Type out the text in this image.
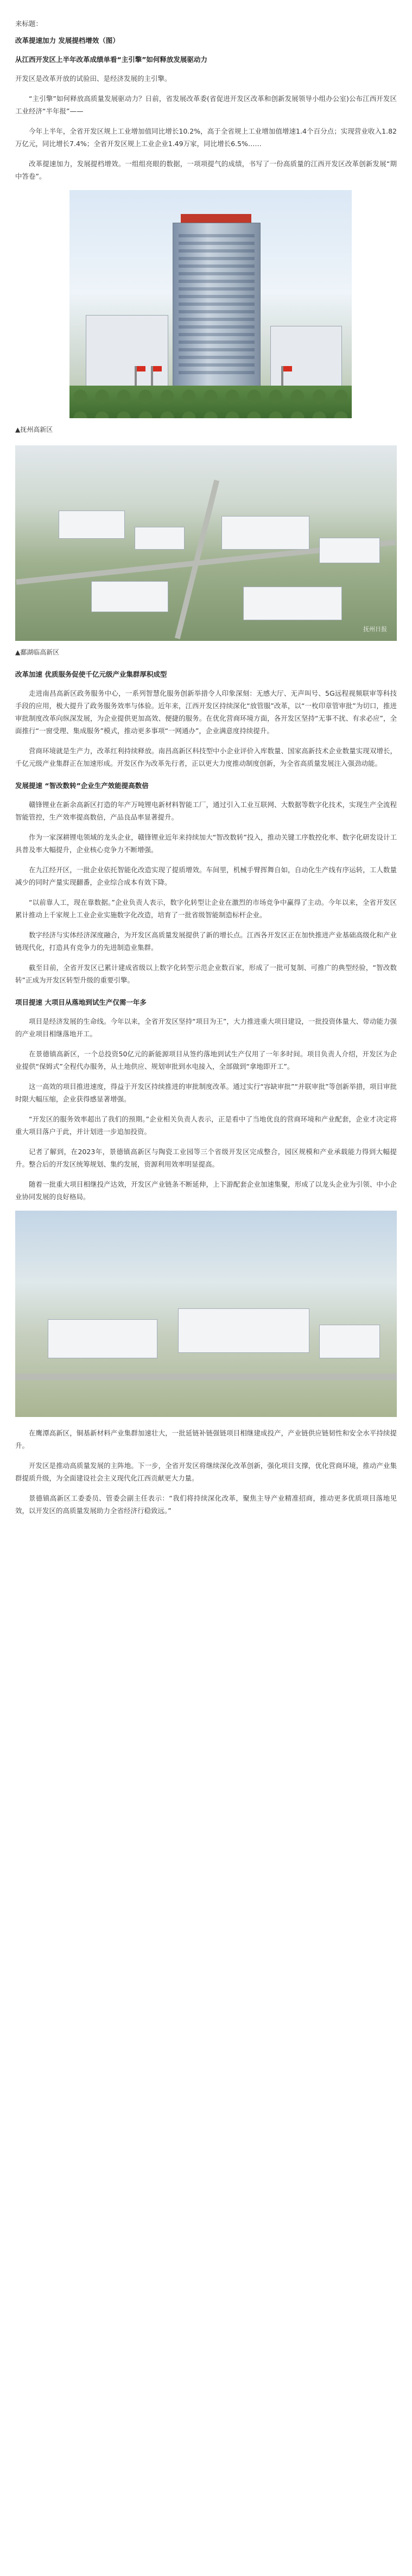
来标题：

改革提速加力 发展提档增效（图）

从江西开发区上半年改革成绩单看“主引擎”如何释放发展驱动力

开发区是改革开放的试验田、是经济发展的主引擎。

“主引擎”如何释放高质量发展驱动力？日前，省发展改革委(省促进开发区改革和创新发展领导小组办公室)公布江西开发区工业经济“半年报”——

今年上半年，全省开发区规上工业增加值同比增长10.2%，高于全省规上工业增加值增速1.4个百分点；实现营业收入1.82万亿元，同比增长7.4%；全省开发区规上工业企业1.49万家，同比增长6.5%……

改革提速加力，发展提档增效。一组组亮眼的数据，一项项提气的成绩，书写了一份高质量的江西开发区改革创新发展“期中答卷”。

▲抚州高新区

抚州日报

▲鄱湖临高新区

改革加速 优质服务促使千亿元级产业集群厚积成型

走进南昌高新区政务服务中心，一系列智慧化服务创新举措令人印象深刻：无感大厅、无声叫号、5G远程视频联审等科技手段的应用，极大提升了政务服务效率与体验。近年来，江西开发区持续深化“放管服”改革，以“一枚印章管审批”为切口，推进审批制度改革向纵深发展，为企业提供更加高效、便捷的服务。在优化营商环境方面，各开发区坚持“无事不扰、有求必应”，全面推行“一窗受理、集成服务”模式，推动更多事项“一网通办”，企业满意度持续提升。

营商环境就是生产力，改革红利持续释放。南昌高新区科技型中小企业评价入库数量、国家高新技术企业数量实现双增长，千亿元级产业集群正在加速形成。开发区作为改革先行者，正以更大力度推动制度创新，为全省高质量发展注入强劲动能。

发展提速 “智改数转”企业生产效能提高数倍

赣锋锂业在新余高新区打造的年产万吨锂电新材料智能工厂，通过引入工业互联网、大数据等数字化技术，实现生产全流程智能管控，生产效率提高数倍，产品良品率显著提升。

作为一家深耕锂电领域的龙头企业，赣锋锂业近年来持续加大“智改数转”投入，推动关键工序数控化率、数字化研发设计工具普及率大幅提升，企业核心竞争力不断增强。

在九江经开区，一批企业依托智能化改造实现了提质增效。车间里，机械手臂挥舞自如，自动化生产线有序运转，工人数量减少的同时产量实现翻番，企业综合成本有效下降。

“以前靠人工，现在靠数据。”企业负责人表示，数字化转型让企业在激烈的市场竞争中赢得了主动。今年以来，全省开发区累计推动上千家规上工业企业实施数字化改造，培育了一批省级智能制造标杆企业。

数字经济与实体经济深度融合，为开发区高质量发展提供了新的增长点。江西各开发区正在加快推进产业基础高级化和产业链现代化，打造具有竞争力的先进制造业集群。

截至目前，全省开发区已累计建成省级以上数字化转型示范企业数百家，形成了一批可复制、可推广的典型经验，“智改数转”正成为开发区转型升级的重要引擎。

项目提速 大项目从落地到试生产仅需一年多

项目是经济发展的生命线。今年以来，全省开发区坚持“项目为王”，大力推进重大项目建设，一批投资体量大、带动能力强的产业项目相继落地开工。

在景德镇高新区，一个总投资50亿元的新能源项目从签约落地到试生产仅用了一年多时间。项目负责人介绍，开发区为企业提供“保姆式”全程代办服务，从土地供应、规划审批到水电接入，全部做到“拿地即开工”。

这一高效的项目推进速度，得益于开发区持续推进的审批制度改革。通过实行“容缺审批”“并联审批”等创新举措，项目审批时限大幅压缩，企业获得感显著增强。

“开发区的服务效率超出了我们的预期。”企业相关负责人表示，正是看中了当地优良的营商环境和产业配套，企业才决定将重大项目落户于此，并计划进一步追加投资。

记者了解到，在2023年，景德镇高新区与陶瓷工业园等三个省级开发区完成整合，园区规模和产业承载能力得到大幅提升。整合后的开发区统筹规划、集约发展，资源利用效率明显提高。

随着一批重大项目相继投产达效，开发区产业链条不断延伸，上下游配套企业加速集聚，形成了以龙头企业为引领、中小企业协同发展的良好格局。

在鹰潭高新区，铜基新材料产业集群加速壮大，一批延链补链强链项目相继建成投产，产业链供应链韧性和安全水平持续提升。

开发区是推动高质量发展的主阵地。下一步，全省开发区将继续深化改革创新，强化项目支撑，优化营商环境，推动产业集群提质升级，为全面建设社会主义现代化江西贡献更大力量。

景德镇高新区工委委员、管委会副主任表示：“我们将持续深化改革，聚焦主导产业精准招商，推动更多优质项目落地见效，以开发区的高质量发展助力全省经济行稳致远。”
